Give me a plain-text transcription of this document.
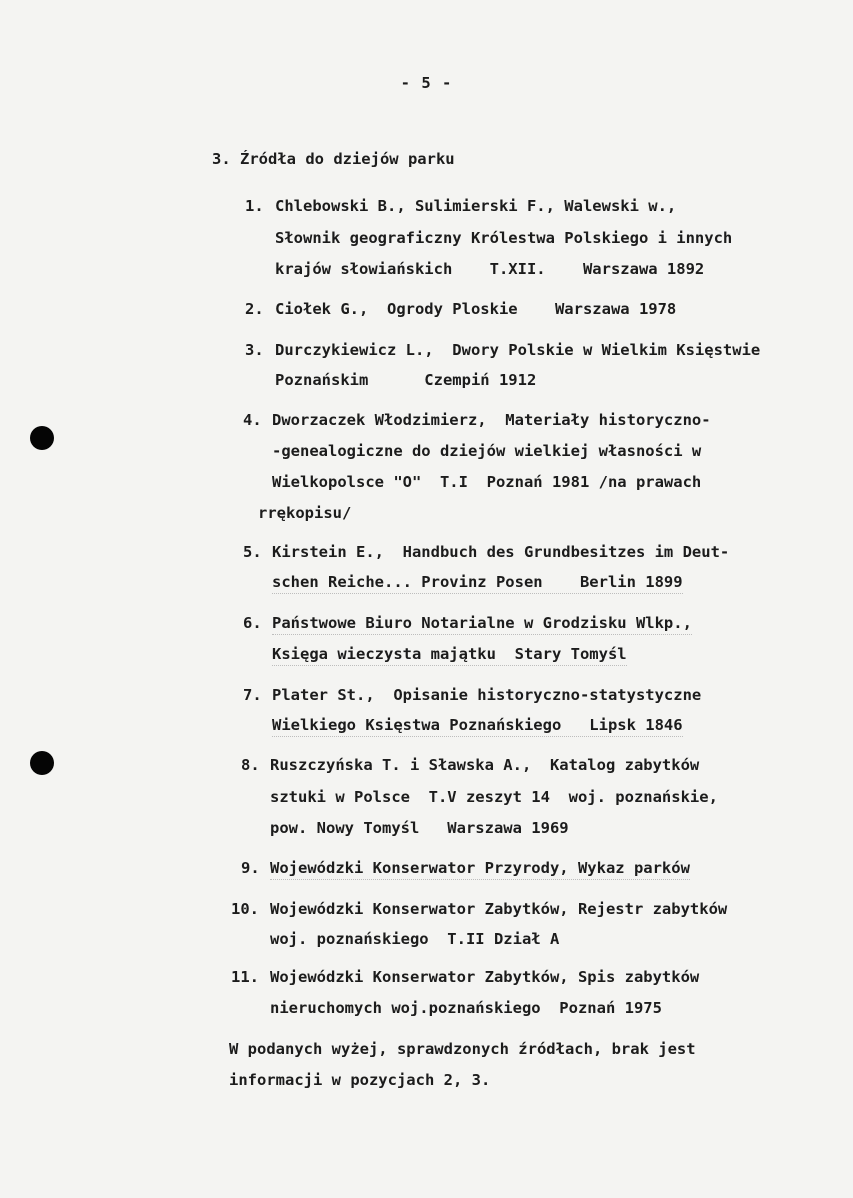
- 5 -
3. Źródła do dziejów parku
1. Chlebowski B., Sulimierski F., Walewski w.,
Słownik geograficzny Królestwa Polskiego i innych
krajów słowiańskich    T.XII.    Warszawa 1892
2. Ciołek G.,  Ogrody Ploskie    Warszawa 1978
3. Durczykiewicz L.,  Dwory Polskie w Wielkim Księstwie
Poznańskim      Czempiń 1912
4. Dworzaczek Włodzimierz,  Materiały historyczno-
-genealogiczne do dziejów wielkiej własności w
Wielkopolsce "O"  T.I  Poznań 1981 /na prawach
rrękopisu/
5. Kirstein E.,  Handbuch des Grundbesitzes im Deut-
schen Reiche... Provinz Posen    Berlin 1899
6. Państwowe Biuro Notarialne w Grodzisku Wlkp.,
Księga wieczysta majątku  Stary Tomyśl
7. Plater St.,  Opisanie historyczno-statystyczne
Wielkiego Księstwa Poznańskiego   Lipsk 1846
8. Ruszczyńska T. i Sławska A.,  Katalog zabytków
sztuki w Polsce  T.V zeszyt 14  woj. poznańskie,
pow. Nowy Tomyśl   Warszawa 1969
9. Wojewódzki Konserwator Przyrody, Wykaz parków
10. Wojewódzki Konserwator Zabytków, Rejestr zabytków
woj. poznańskiego  T.II Dział A
11. Wojewódzki Konserwator Zabytków, Spis zabytków
nieruchomych woj.poznańskiego  Poznań 1975
W podanych wyżej, sprawdzonych źródłach, brak jest
informacji w pozycjach 2, 3.
